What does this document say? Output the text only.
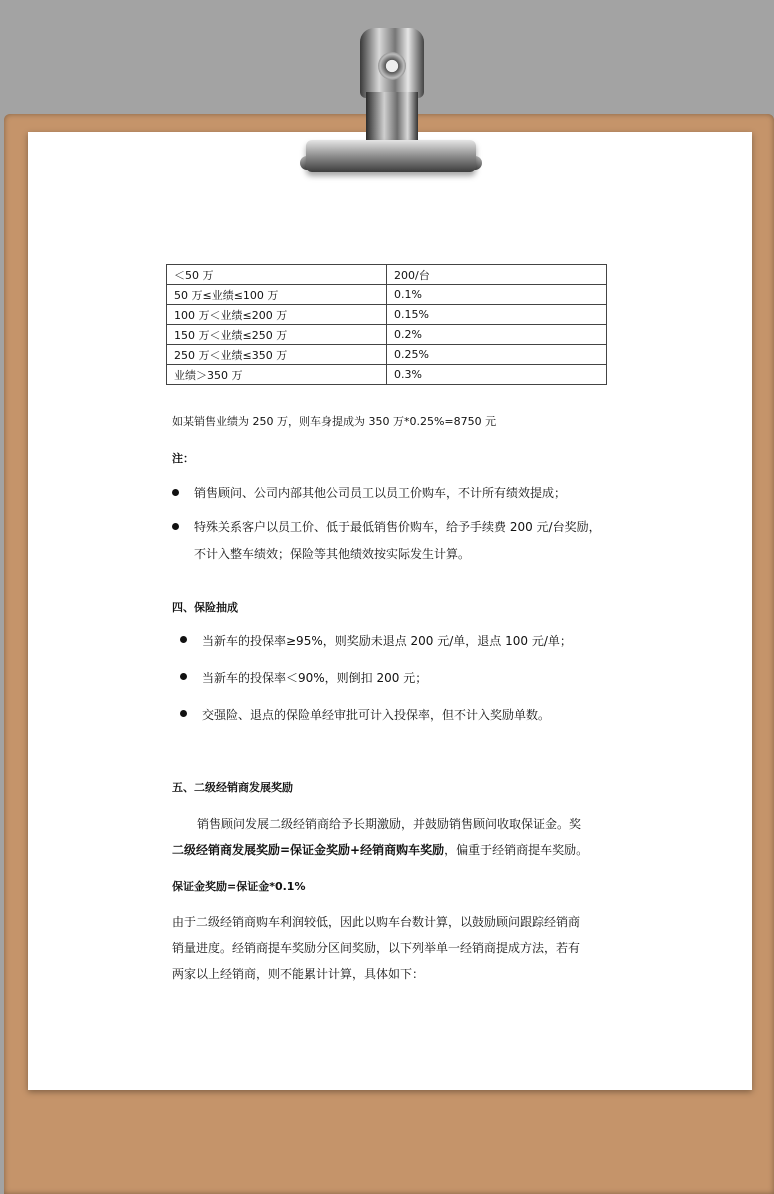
＜50 万	200/台
50 万≤业绩≤100 万	0.1%
100 万＜业绩≤200 万	0.15%
150 万＜业绩≤250 万	0.2%
250 万＜业绩≤350 万	0.25%
业绩＞350 万	0.3%
如某销售业绩为 250 万，则车身提成为 350 万*0.25%=8750 元
注：
销售顾问、公司内部其他公司员工以员工价购车，不计所有绩效提成；
特殊关系客户以员工价、低于最低销售价购车，给予手续费 200 元/台奖励，
不计入整车绩效；保险等其他绩效按实际发生计算。
四、保险抽成
当新车的投保率≥95%，则奖励未退点 200 元/单，退点 100 元/单；
当新车的投保率＜90%，则倒扣 200 元；
交强险、退点的保险单经审批可计入投保率，但不计入奖励单数。
五、二级经销商发展奖励
销售顾问发展二级经销商给予长期激励，并鼓励销售顾问收取保证金。奖
二级经销商发展奖励=保证金奖励+经销商购车奖励，偏重于经销商提车奖励。
保证金奖励=保证金*0.1%
由于二级经销商购车利润较低，因此以购车台数计算，以鼓励顾问跟踪经销商
销量进度。经销商提车奖励分区间奖励，以下列举单一经销商提成方法，若有
两家以上经销商，则不能累计计算，具体如下：
